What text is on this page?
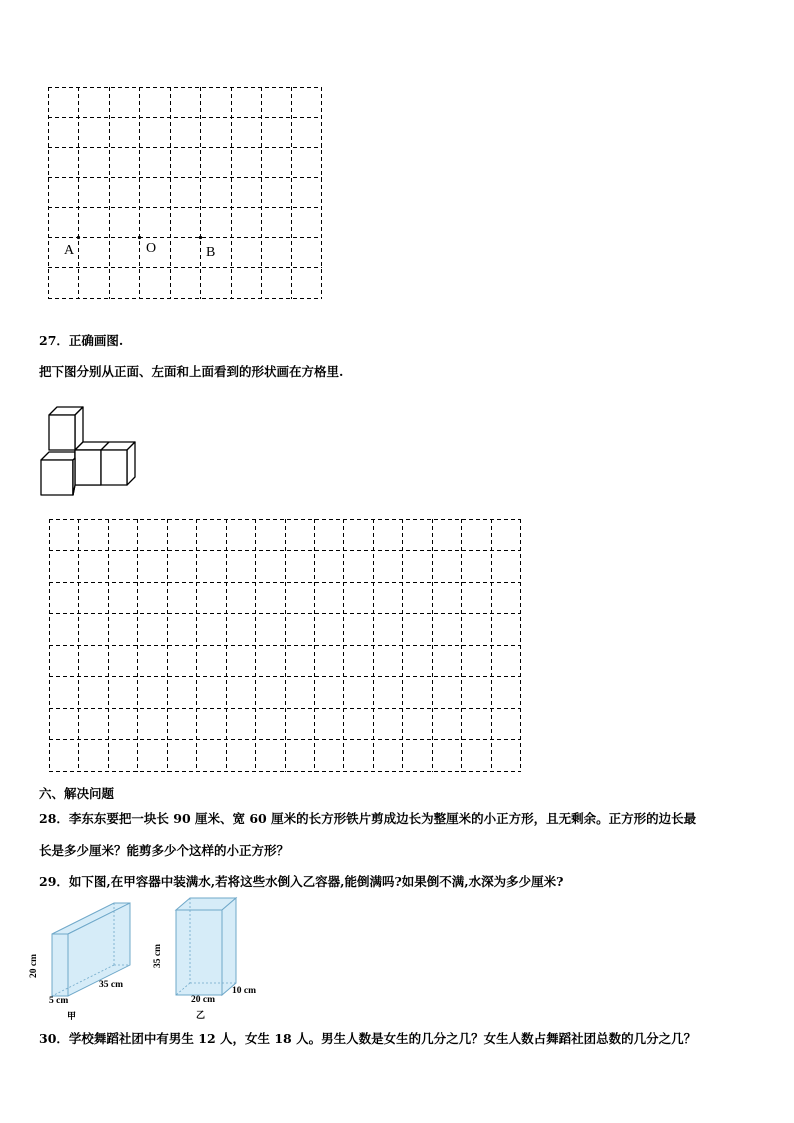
A	O	B
27．正确画图.
把下图分别从正面、左面和上面看到的形状画在方格里.
六、解决问题
28．李东东要把一块长 90 厘米、宽 60 厘米的长方形铁片剪成边长为整厘米的小正方形，且无剩余。正方形的边长最
长是多少厘米？能剪多少个这样的小正方形？
29．如下图,在甲容器中装满水,若将这些水倒入乙容器,能倒满吗?如果倒不满,水深为多少厘米?
20 cm
5 cm
35 cm
甲
35 cm
20 cm
10 cm
乙
30．学校舞蹈社团中有男生 12 人，女生 18 人。男生人数是女生的几分之几？女生人数占舞蹈社团总数的几分之几？
